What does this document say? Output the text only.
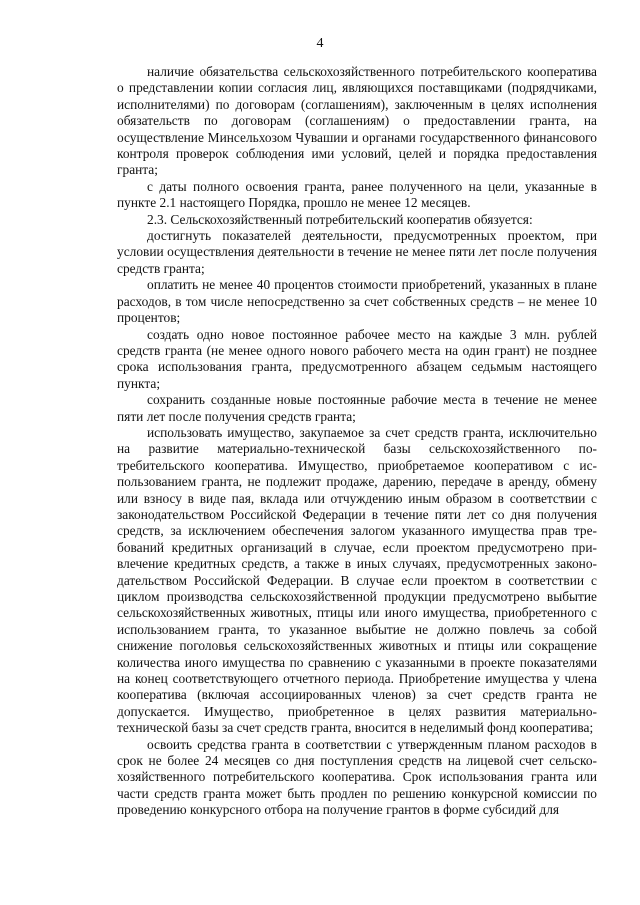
4

наличие обязательства сельскохозяйственного потребительского кооператива о представлении копии согласия лиц, являющихся поставщиками (подрядчиками, исполнителями) по договорам (соглашениям), заключенным в целях исполнения обязательств по договорам (соглашениям) о предоставлении гранта, на осуществление Минсельхозом Чувашии и органами государственного финансового контроля проверок соблюдения ими условий, целей и порядка предоставления гранта;

с даты полного освоения гранта, ранее полученного на цели, указанные в пункте 2.1 настоящего Порядка, прошло не менее 12 месяцев.

2.3. Сельскохозяйственный потребительский кооператив обязуется:

достигнуть показателей деятельности, предусмотренных проектом, при условии осуществления деятельности в течение не менее пяти лет после получения средств гранта;

оплатить не менее 40 процентов стоимости приобретений, указанных в плане расходов, в том числе непосредственно за счет собственных средств – не менее 10 процентов;

создать одно новое постоянное рабочее место на каждые 3 млн. рублей средств гранта (не менее одного нового рабочего места на один грант) не позднее срока использования гранта, предусмотренного абзацем седьмым настоящего пункта;

сохранить созданные новые постоянные рабочие места в течение не менее пяти лет после получения средств гранта;

использовать имущество, закупаемое за счет средств гранта, исключительно на развитие материально-технической базы сельскохозяйственного потребительского кооператива. Имущество, приобретаемое кооперативом с использованием гранта, не подлежит продаже, дарению, передаче в аренду, обмену или взносу в виде пая, вклада или отчуждению иным образом в соответствии с законодательством Российской Федерации в течение пяти лет со дня получения средств, за исключением обеспечения залогом указанного имущества прав требований кредитных организаций в случае, если проектом предусмотрено привлечение кредитных средств, а также в иных случаях, предусмотренных законодательством Российской Федерации. В случае если проектом в соответствии с циклом производства сельскохозяйственной продукции предусмотрено выбытие сельскохозяйственных животных, птицы или иного имущества, приобретенного с использованием гранта, то указанное выбытие не должно повлечь за собой снижение поголовья сельскохозяйственных животных и птицы или сокращение количества иного имущества по сравнению с указанными в проекте показателями на конец соответствующего отчетного периода. Приобретение имущества у члена кооператива (включая ассоциированных членов) за счет средств гранта не допускается. Имущество, приобретенное в целях развития материально-технической базы за счет средств гранта, вносится в неделимый фонд кооператива;

освоить средства гранта в соответствии с утвержденным планом расходов в срок не более 24 месяцев со дня поступления средств на лицевой счет сельскохозяйственного потребительского кооператива. Срок использования гранта или части средств гранта может быть продлен по решению конкурсной комиссии по проведению конкурсного отбора на получение грантов в форме субсидий для
